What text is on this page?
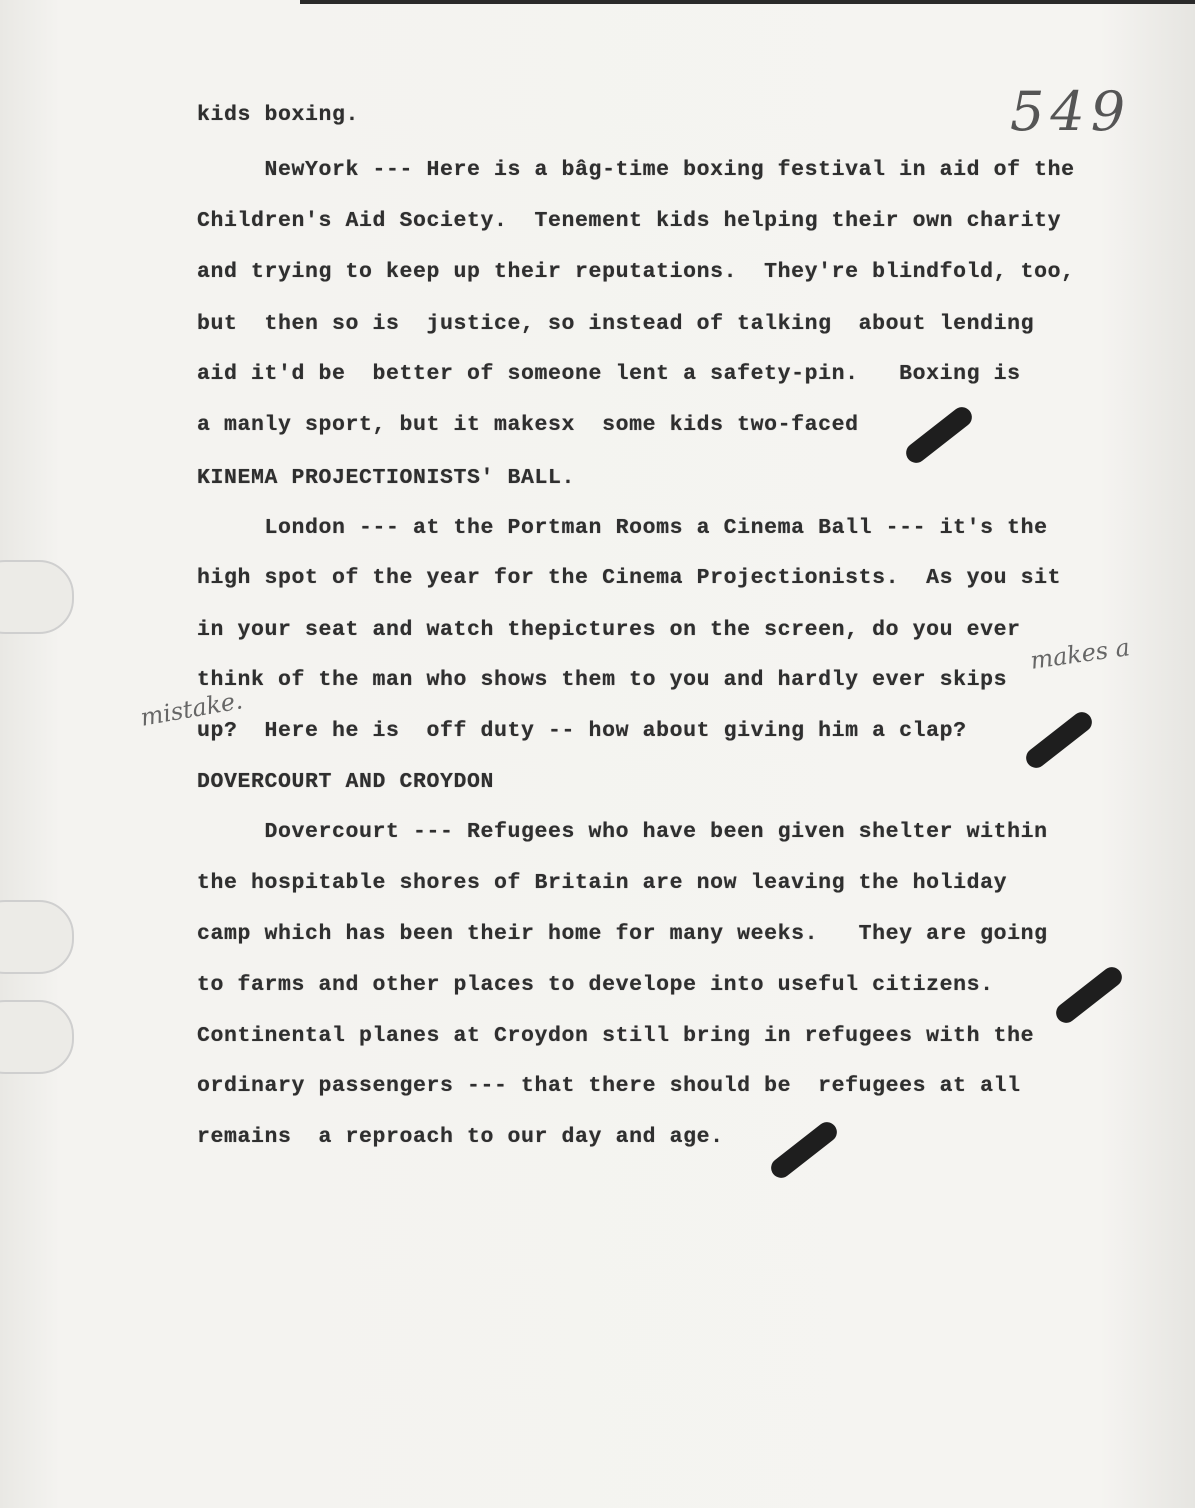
549
kids boxing.
NewYork --- Here is a bâg-time boxing festival in aid of the
Children's Aid Society.  Tenement kids helping their own charity
and trying to keep up their reputations.  They're blindfold, too,
but  then so is  justice, so instead of talking  about lending
aid it'd be  better of someone lent a safety-pin.   Boxing is
a manly sport, but it makesx  some kids two-faced
KINEMA PROJECTIONISTS' BALL.
London --- at the Portman Rooms a Cinema Ball --- it's the
high spot of the year for the Cinema Projectionists.  As you sit
in your seat and watch thepictures on the screen, do you ever
think of the man who shows them to you and hardly ever skips
up?  Here he is  off duty -- how about giving him a clap?
DOVERCOURT AND CROYDON
Dovercourt --- Refugees who have been given shelter within
the hospitable shores of Britain are now leaving the holiday
camp which has been their home for many weeks.   They are going
to farms and other places to develope into useful citizens.
Continental planes at Croydon still bring in refugees with the
ordinary passengers --- that there should be  refugees at all
remains  a reproach to our day and age.
makes a
mistake.
